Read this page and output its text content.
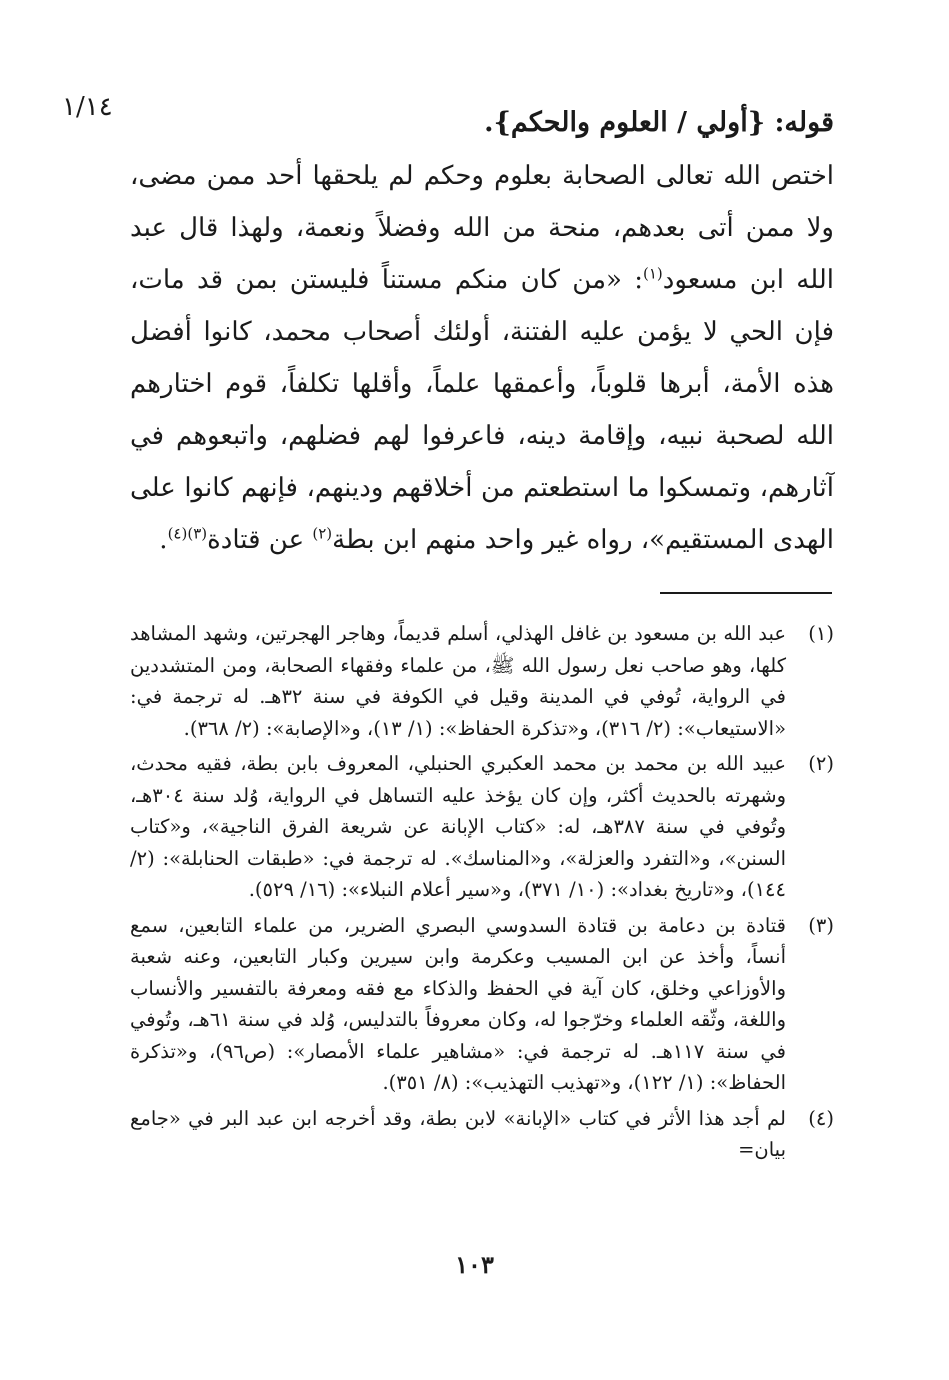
١/١٤	قوله: {أولي / العلوم والحكم}.

اختص الله تعالى الصحابة بعلوم وحكم لم يلحقها أحد ممن مضى، ولا ممن أتى بعدهم، منحة من الله وفضلاً ونعمة، ولهذا قال عبد الله ابن مسعود$^{(١)}$: «من كان منكم مستناً فليستن بمن قد مات، فإن الحي لا يؤمن عليه الفتنة، أولئك أصحاب محمد، كانوا أفضل هذه الأمة، أبرها قلوباً، وأعمقها علماً، وأقلها تكلفاً، قوم اختارهم الله لصحبة نبيه، وإقامة دينه، فاعرفوا لهم فضلهم، واتبعوهم في آثارهم، وتمسكوا ما استطعتم من أخلاقهم ودينهم، فإنهم كانوا على الهدى المستقيم»، رواه غير واحد منهم ابن بطة$^{(٢)}$ عن قتادة$^{(٣)(٤)}$.

(١)
عبد الله بن مسعود بن غافل الهذلي، أسلم قديماً، وهاجر الهجرتين، وشهد المشاهد كلها، وهو صاحب نعل رسول الله ﷺ، من علماء وفقهاء الصحابة، ومن المتشددين في الرواية، تُوفي في المدينة وقيل في الكوفة في سنة ٣٢هـ. له ترجمة في: «الاستيعاب»: (٢/ ٣١٦)، و«تذكرة الحفاظ»: (١/ ١٣)، و«الإصابة»: (٢/ ٣٦٨).
(٢)
عبيد الله بن محمد بن محمد العكبري الحنبلي، المعروف بابن بطة، فقيه محدث، وشهرته بالحديث أكثر، وإن كان يؤخذ عليه التساهل في الرواية، وُلد سنة ٣٠٤هـ، وتُوفي في سنة ٣٨٧هـ، له: «كتاب الإبانة عن شريعة الفرق الناجية»، و«كتاب السنن»، و«التفرد والعزلة»، و«المناسك». له ترجمة في: «طبقات الحنابلة»: (٢/ ١٤٤)، و«تاريخ بغداد»: (١٠/ ٣٧١)، و«سير أعلام النبلاء»: (١٦/ ٥٢٩).
(٣)
قتادة بن دعامة بن قتادة السدوسي البصري الضرير، من علماء التابعين، سمع أنساً، وأخذ عن ابن المسيب وعكرمة وابن سيرين وكبار التابعين، وعنه شعبة والأوزاعي وخلق، كان آية في الحفظ والذكاء مع فقه ومعرفة بالتفسير والأنساب واللغة، وثّقه العلماء وخرّجوا له، وكان معروفاً بالتدليس، وُلد في سنة ٦١هـ، وتُوفي في سنة ١١٧هـ. له ترجمة في: «مشاهير علماء الأمصار»: (ص٩٦)، و«تذكرة الحفاظ»: (١/ ١٢٢)، و«تهذيب التهذيب»: (٨/ ٣٥١).
(٤)
لم أجد هذا الأثر في كتاب «الإبانة» لابن بطة، وقد أخرجه ابن عبد البر في «جامع بيان=
١٠٣
